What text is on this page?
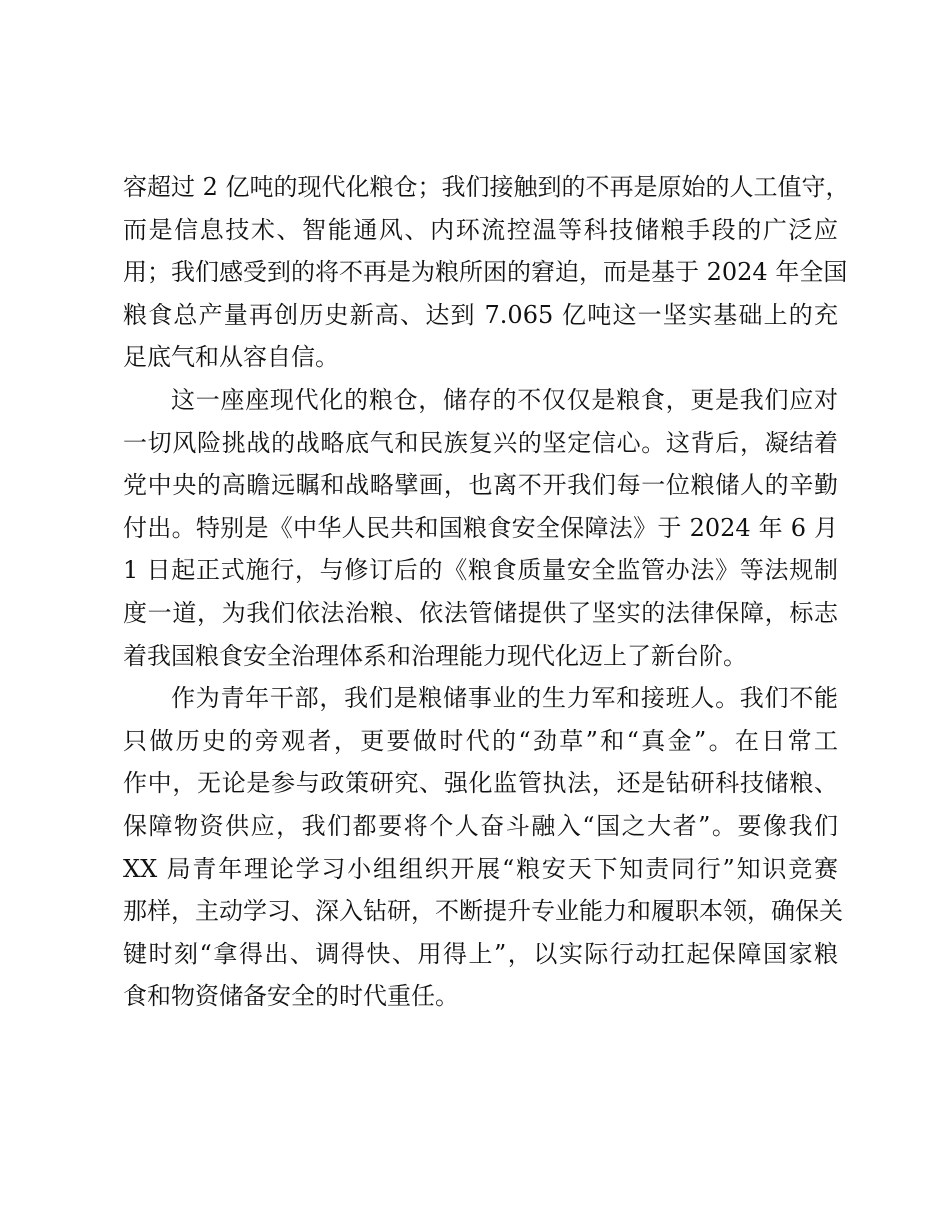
容超过 2 亿吨的现代化粮仓；我们接触到的不再是原始的人工值守，
而是信息技术、智能通风、内环流控温等科技储粮手段的广泛应
用；我们感受到的将不再是为粮所困的窘迫，而是基于 2024 年全国
粮食总产量再创历史新高、达到 7.065 亿吨这一坚实基础上的充
足底气和从容自信。
这一座座现代化的粮仓，储存的不仅仅是粮食，更是我们应对
一切风险挑战的战略底气和民族复兴的坚定信心。这背后，凝结着
党中央的高瞻远瞩和战略擘画，也离不开我们每一位粮储人的辛勤
付出。特别是《中华人民共和国粮食安全保障法》于 2024 年 6 月
1 日起正式施行，与修订后的《粮食质量安全监管办法》等法规制
度一道，为我们依法治粮、依法管储提供了坚实的法律保障，标志
着我国粮食安全治理体系和治理能力现代化迈上了新台阶。
作为青年干部，我们是粮储事业的生力军和接班人。我们不能
只做历史的旁观者，更要做时代的“劲草”和“真金”。在日常工
作中，无论是参与政策研究、强化监管执法，还是钻研科技储粮、
保障物资供应，我们都要将个人奋斗融入“国之大者”。要像我们
XX 局青年理论学习小组组织开展“粮安天下知责同行”知识竞赛
那样，主动学习、深入钻研，不断提升专业能力和履职本领，确保关
键时刻“拿得出、调得快、用得上”，以实际行动扛起保障国家粮
食和物资储备安全的时代重任。
